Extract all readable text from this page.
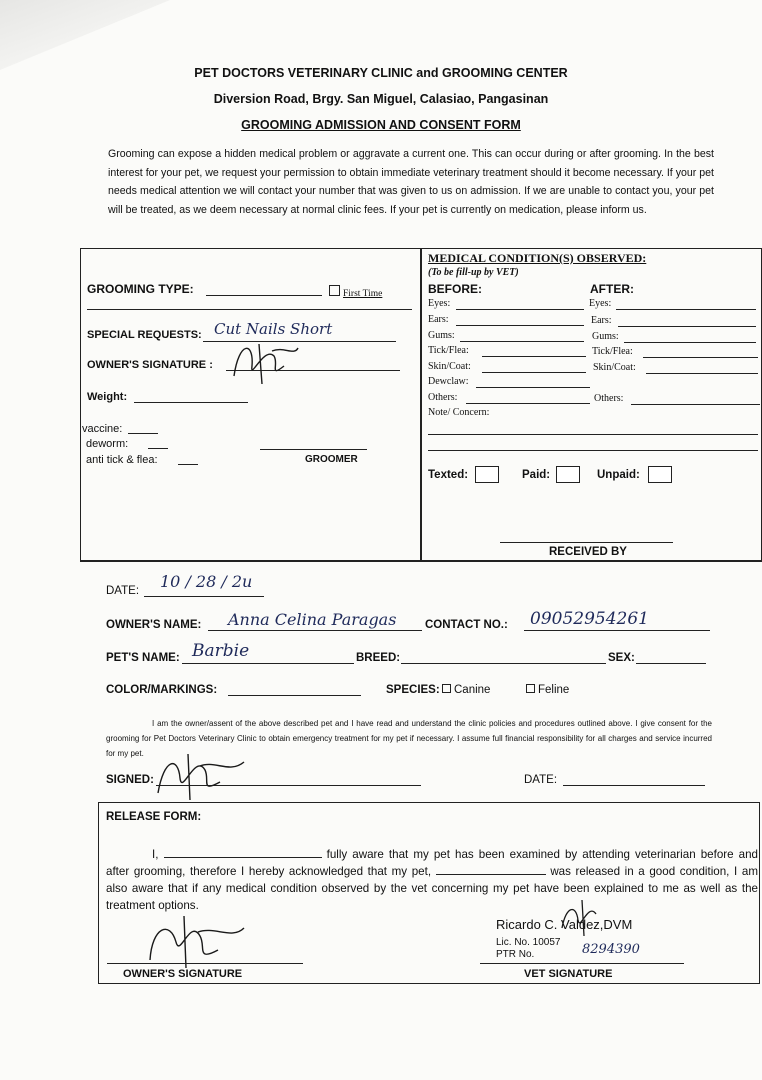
PET DOCTORS VETERINARY CLINIC and GROOMING CENTER
Diversion Road, Brgy. San Miguel, Calasiao, Pangasinan
GROOMING ADMISSION AND CONSENT FORM
Grooming can expose a hidden medical problem or aggravate a current one. This can occur during or after grooming. In the best interest for your pet, we request your permission to obtain immediate veterinary treatment should it become necessary. If your pet needs medical attention we will contact your number that was given to us on admission. If we are unable to contact you, your pet will be treated, as we deem necessary at normal clinic fees. If your pet is currently on medication, please inform us.
GROOMING TYPE:	First Time
SPECIAL REQUESTS: Cut Nails Short
OWNER'S SIGNATURE :
Weight:
vaccine:
deworm:
anti tick & flea:	GROOMER
MEDICAL CONDITION(S) OBSERVED:
(To be fill-up by VET)
BEFORE:	AFTER:
Eyes:	Eyes:
Ears:	Ears:
Gums:	Gums:
Tick/Flea:	Tick/Flea:
Skin/Coat:	Skin/Coat:
Dewclaw:
Others:	Others:
Note/ Concern:
Texted:	Paid:	Unpaid:
RECEIVED BY
DATE: 10 / 28 / 2u
OWNER'S NAME: Anna Celina Paragas CONTACT NO.: 09052954261
PET'S NAME: Barbie	BREED:	SEX:
COLOR/MARKINGS:	SPECIES:	Canine	Feline
I am the owner/assent of the above described pet and I have read and understand the clinic policies and procedures outlined above. I give consent for the grooming for Pet Doctors Veterinary Clinic to obtain emergency treatment for my pet if necessary. I assume full financial responsibility for all charges and service incurred for my pet.
SIGNED:	DATE:
RELEASE FORM:
I,	fully aware that my pet has been examined by attending veterinarian before and after grooming, therefore I hereby acknowledged that my pet,	was released in a good condition, I am also aware that if any medical condition observed by the vet concerning my pet have been explained to me as well as the treatment options.
OWNER'S SIGNATURE
Ricardo C. Valdez,DVM
Lic. No. 10057
PTR No.	8294390
VET SIGNATURE
